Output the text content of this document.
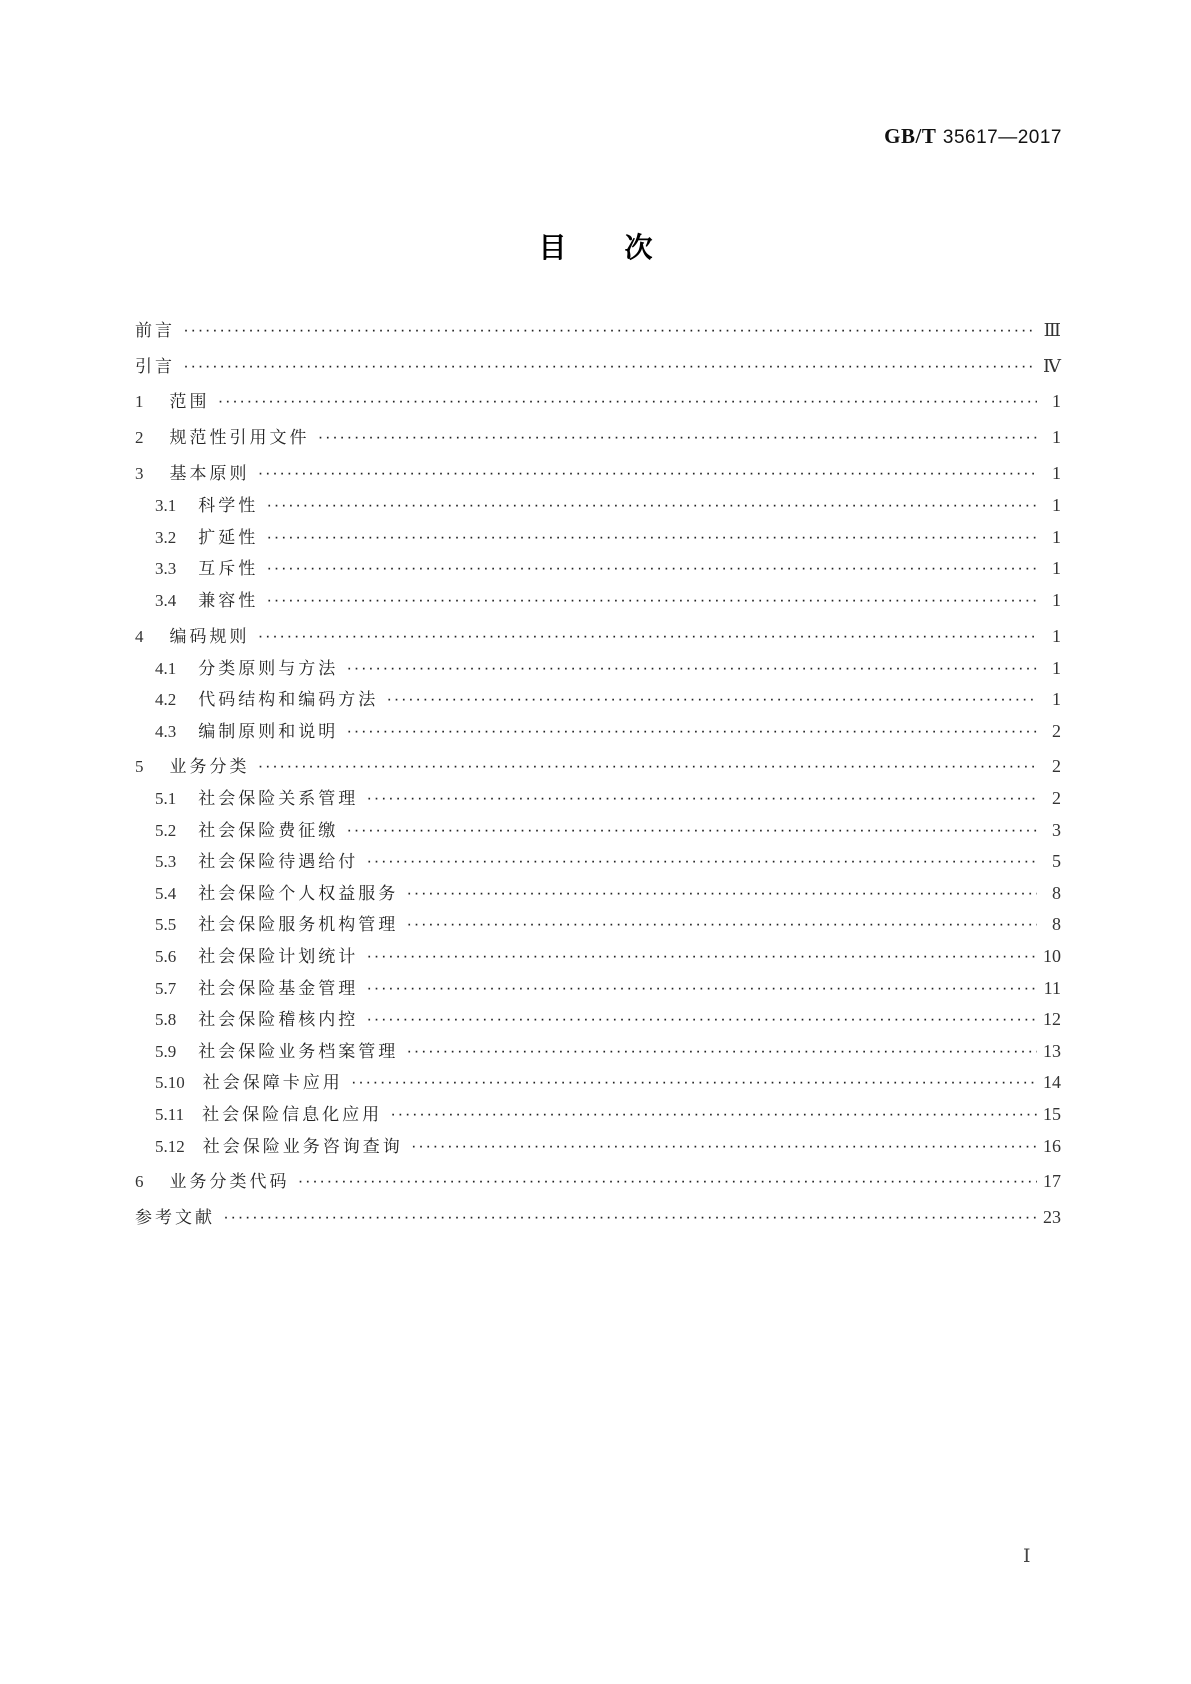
GB/T 35617—2017
目 次
前言 ·····	Ⅲ
引言 ·····	Ⅳ
1 范围 ·····	1
2 规范性引用文件 ·····	1
3 基本原则 ·····	1
3.1 科学性 ·····	1
3.2 扩延性 ·····	1
3.3 互斥性 ·····	1
3.4 兼容性 ·····	1
4 编码规则 ·····	1
4.1 分类原则与方法 ·····	1
4.2 代码结构和编码方法 ·····	1
4.3 编制原则和说明 ·····	2
5 业务分类 ·····	2
5.1 社会保险关系管理 ·····	2
5.2 社会保险费征缴 ·····	3
5.3 社会保险待遇给付 ·····	5
5.4 社会保险个人权益服务 ·····	8
5.5 社会保险服务机构管理 ·····	8
5.6 社会保险计划统计 ·····	10
5.7 社会保险基金管理 ·····	11
5.8 社会保险稽核内控 ·····	12
5.9 社会保险业务档案管理 ·····	13
5.10 社会保障卡应用 ·····	14
5.11 社会保险信息化应用 ·····	15
5.12 社会保险业务咨询查询 ·····	16
6 业务分类代码 ·····	17
参考文献 ·····	23
Ⅰ
